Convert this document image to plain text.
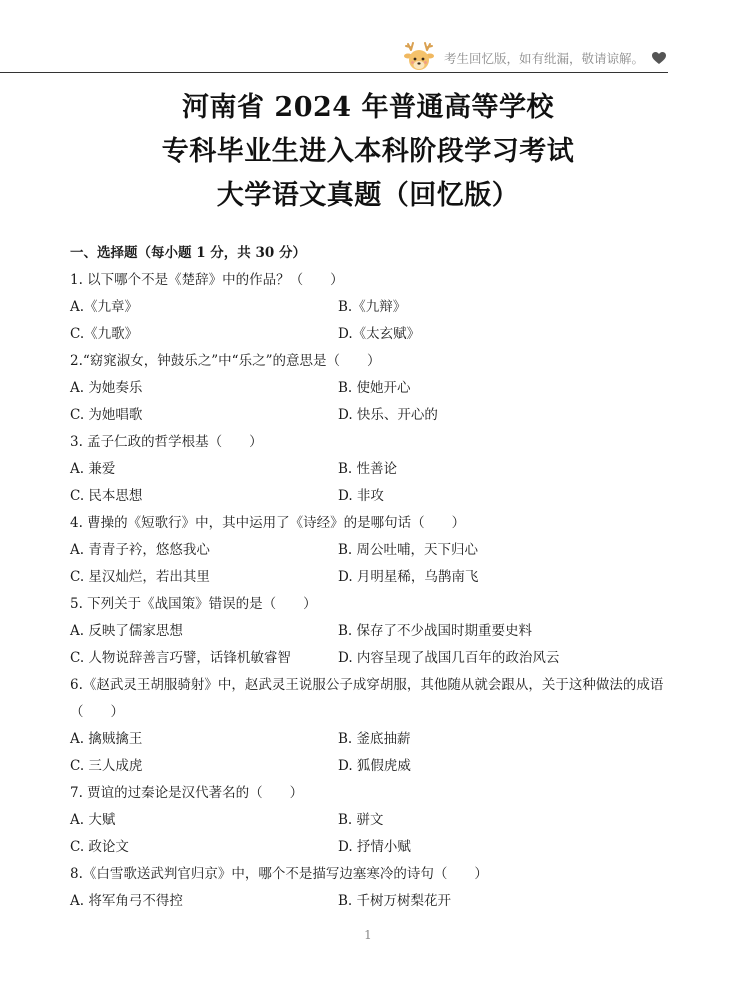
考生回忆版，如有纰漏，敬请谅解。
河南省 2024 年普通高等学校
专科毕业生进入本科阶段学习考试
大学语文真题（回忆版）
一、选择题（每小题 1 分，共 30 分）
1. 以下哪个不是《楚辞》中的作品？（　　）
A.《九章》	B.《九辩》
C.《九歌》	D.《太玄赋》
2.“窈窕淑女，钟鼓乐之”中“乐之”的意思是（　　）
A. 为她奏乐	B. 使她开心
C. 为她唱歌	D. 快乐、开心的
3. 孟子仁政的哲学根基（　　）
A. 兼爱	B. 性善论
C. 民本思想	D. 非攻
4. 曹操的《短歌行》中，其中运用了《诗经》的是哪句话（　　）
A. 青青子衿，悠悠我心	B. 周公吐哺，天下归心
C. 星汉灿烂，若出其里	D. 月明星稀，乌鹊南飞
5. 下列关于《战国策》错误的是（　　）
A. 反映了儒家思想	B. 保存了不少战国时期重要史料
C. 人物说辞善言巧譬，话锋机敏睿智	D. 内容呈现了战国几百年的政治风云
6.《赵武灵王胡服骑射》中，赵武灵王说服公子成穿胡服，其他随从就会跟从，关于这种做法的成语（　　）
A. 擒贼擒王	B. 釜底抽薪
C. 三人成虎	D. 狐假虎威
7. 贾谊的过秦论是汉代著名的（　　）
A. 大赋	B. 骈文
C. 政论文	D. 抒情小赋
8.《白雪歌送武判官归京》中，哪个不是描写边塞寒冷的诗句（　　）
A. 将军角弓不得控	B. 千树万树梨花开
1
